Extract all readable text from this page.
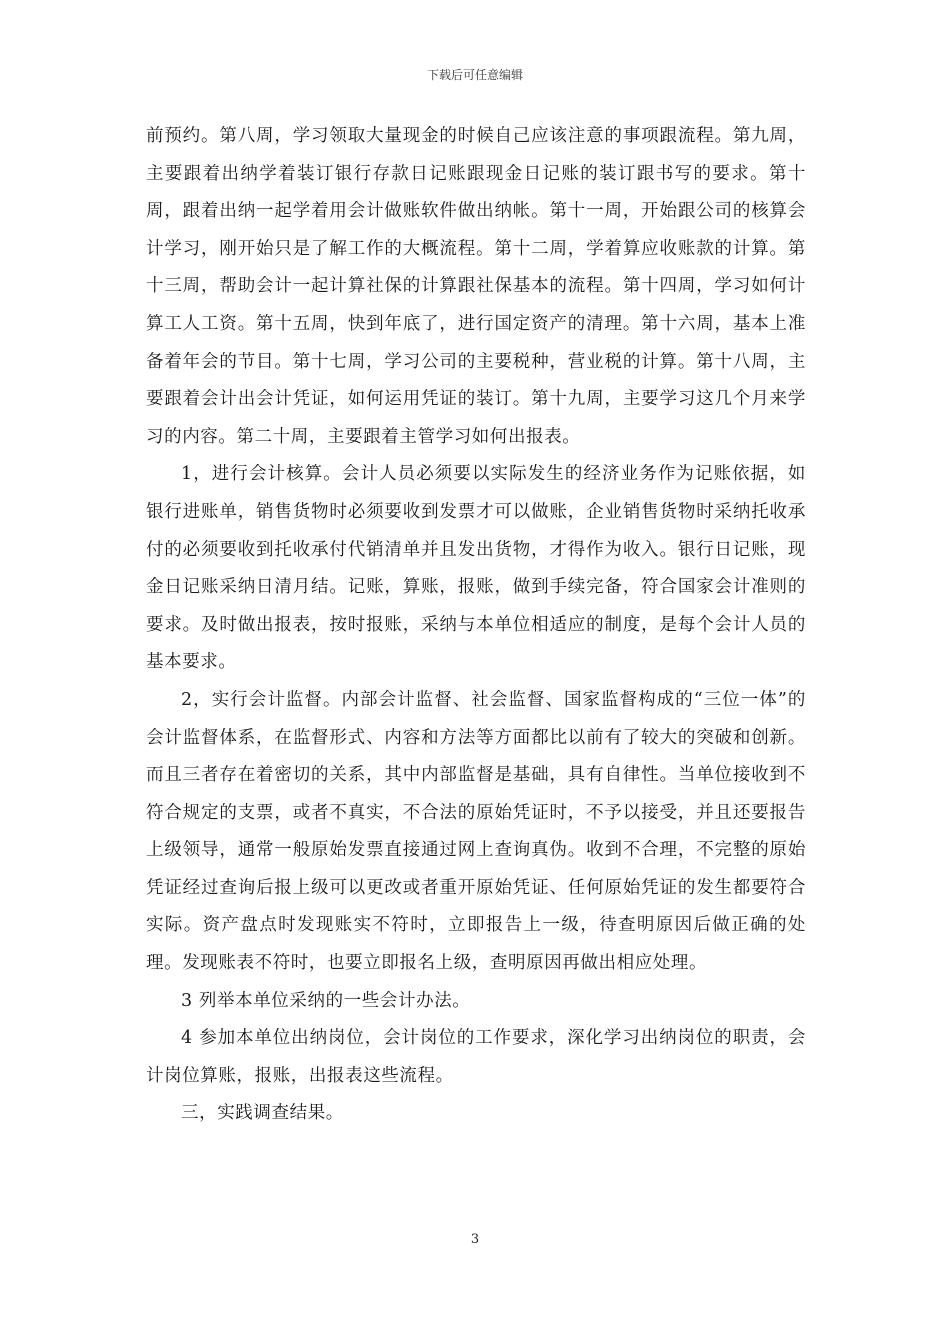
下载后可任意编辑

前预约。第八周，学习领取大量现金的时候自己应该注意的事项跟流程。第九周，主要跟着出纳学着装订银行存款日记账跟现金日记账的装订跟书写的要求。第十周，跟着出纳一起学着用会计做账软件做出纳帐。第十一周，开始跟公司的核算会计学习，刚开始只是了解工作的大概流程。第十二周，学着算应收账款的计算。第十三周，帮助会计一起计算社保的计算跟社保基本的流程。第十四周，学习如何计算工人工资。第十五周，快到年底了，进行国定资产的清理。第十六周，基本上准备着年会的节目。第十七周，学习公司的主要税种，营业税的计算。第十八周，主要跟着会计出会计凭证，如何运用凭证的装订。第十九周，主要学习这几个月来学习的内容。第二十周，主要跟着主管学习如何出报表。

1，进行会计核算。会计人员必须要以实际发生的经济业务作为记账依据，如银行进账单，销售货物时必须要收到发票才可以做账，企业销售货物时采纳托收承付的必须要收到托收承付代销清单并且发出货物，才得作为收入。银行日记账，现金日记账采纳日清月结。记账，算账，报账，做到手续完备，符合国家会计准则的要求。及时做出报表，按时报账，采纳与本单位相适应的制度，是每个会计人员的基本要求。

2，实行会计监督。内部会计监督、社会监督、国家监督构成的“三位一体”的会计监督体系，在监督形式、内容和方法等方面都比以前有了较大的突破和创新。而且三者存在着密切的关系，其中内部监督是基础，具有自律性。当单位接收到不符合规定的支票，或者不真实，不合法的原始凭证时，不予以接受，并且还要报告上级领导，通常一般原始发票直接通过网上查询真伪。收到不合理，不完整的原始凭证经过查询后报上级可以更改或者重开原始凭证、任何原始凭证的发生都要符合实际。资产盘点时发现账实不符时，立即报告上一级，待查明原因后做正确的处理。发现账表不符时，也要立即报名上级，查明原因再做出相应处理。

3 列举本单位采纳的一些会计办法。

4 参加本单位出纳岗位，会计岗位的工作要求，深化学习出纳岗位的职责，会计岗位算账，报账，出报表这些流程。

三，实践调查结果。

3
